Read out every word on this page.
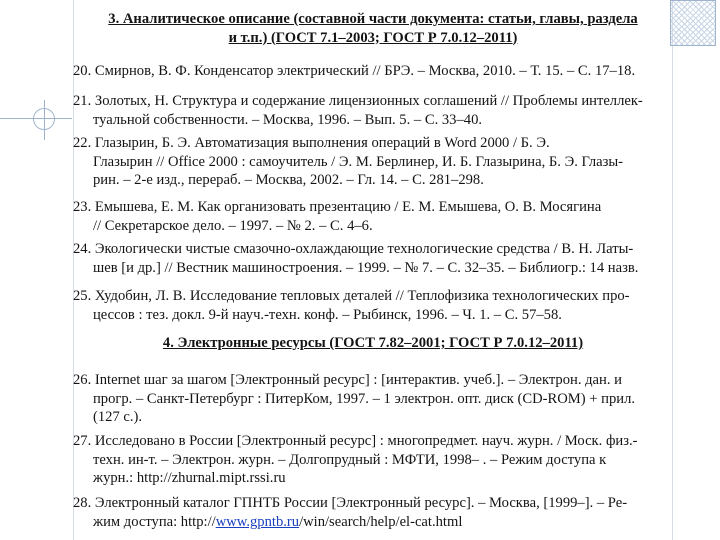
3. Аналитическое описание (составной части документа: статьи, главы, раздела
и т.п.) (ГОСТ 7.1–2003; ГОСТ Р 7.0.12–2011)
20. Смирнов, В. Ф. Конденсатор электрический // БРЭ. – Москва, 2010. – Т. 15. – С. 17–18.
21. Золотых, Н. Структура и содержание лицензионных соглашений // Проблемы интеллек-
туальной собственности. – Москва, 1996. – Вып. 5. – С. 33–40.
22. Глазырин, Б. Э. Автоматизация выполнения операций в Word 2000 / Б. Э.
Глазырин // Office 2000 : самоучитель / Э. М. Берлинер, И. Б. Глазырина, Б. Э. Глазы-
рин. – 2-е изд., перераб. – Москва, 2002. – Гл. 14. – С. 281–298.
23. Емышева, Е. М. Как организовать презентацию / Е. М. Емышева, О. В. Мосягина
// Секретарское дело. – 1997. – № 2. – С. 4–6.
24. Экологически чистые смазочно-охлаждающие технологические средства / В. Н. Латы-
шев [и др.] // Вестник машиностроения. – 1999. – № 7. – С. 32–35. – Библиогр.: 14 назв.
25. Худобин, Л. В. Исследование тепловых деталей // Теплофизика технологических про-
цессов : тез. докл. 9-й науч.-техн. конф. – Рыбинск, 1996. – Ч. 1. – С. 57–58.
4. Электронные ресурсы (ГОСТ 7.82–2001; ГОСТ Р 7.0.12–2011)
26. Internet шаг за шагом [Электронный ресурс] : [интерактив. учеб.]. – Электрон. дан. и
прогр. – Санкт-Петербург : ПитерКом, 1997. – 1 электрон. опт. диск (CD-ROM) + прил.
(127 с.).
27. Исследовано в России [Электронный ресурс] : многопредмет. науч. журн. / Моск. физ.-
техн. ин-т. – Электрон. журн. – Долгопрудный : МФТИ, 1998– . – Режим доступа к
журн.: http://zhurnal.mipt.rssi.ru
28. Электронный каталог ГПНТБ России [Электронный ресурс]. – Москва, [1999–]. – Ре-
жим доступа: http://www.gpntb.ru/win/search/help/el-cat.html
